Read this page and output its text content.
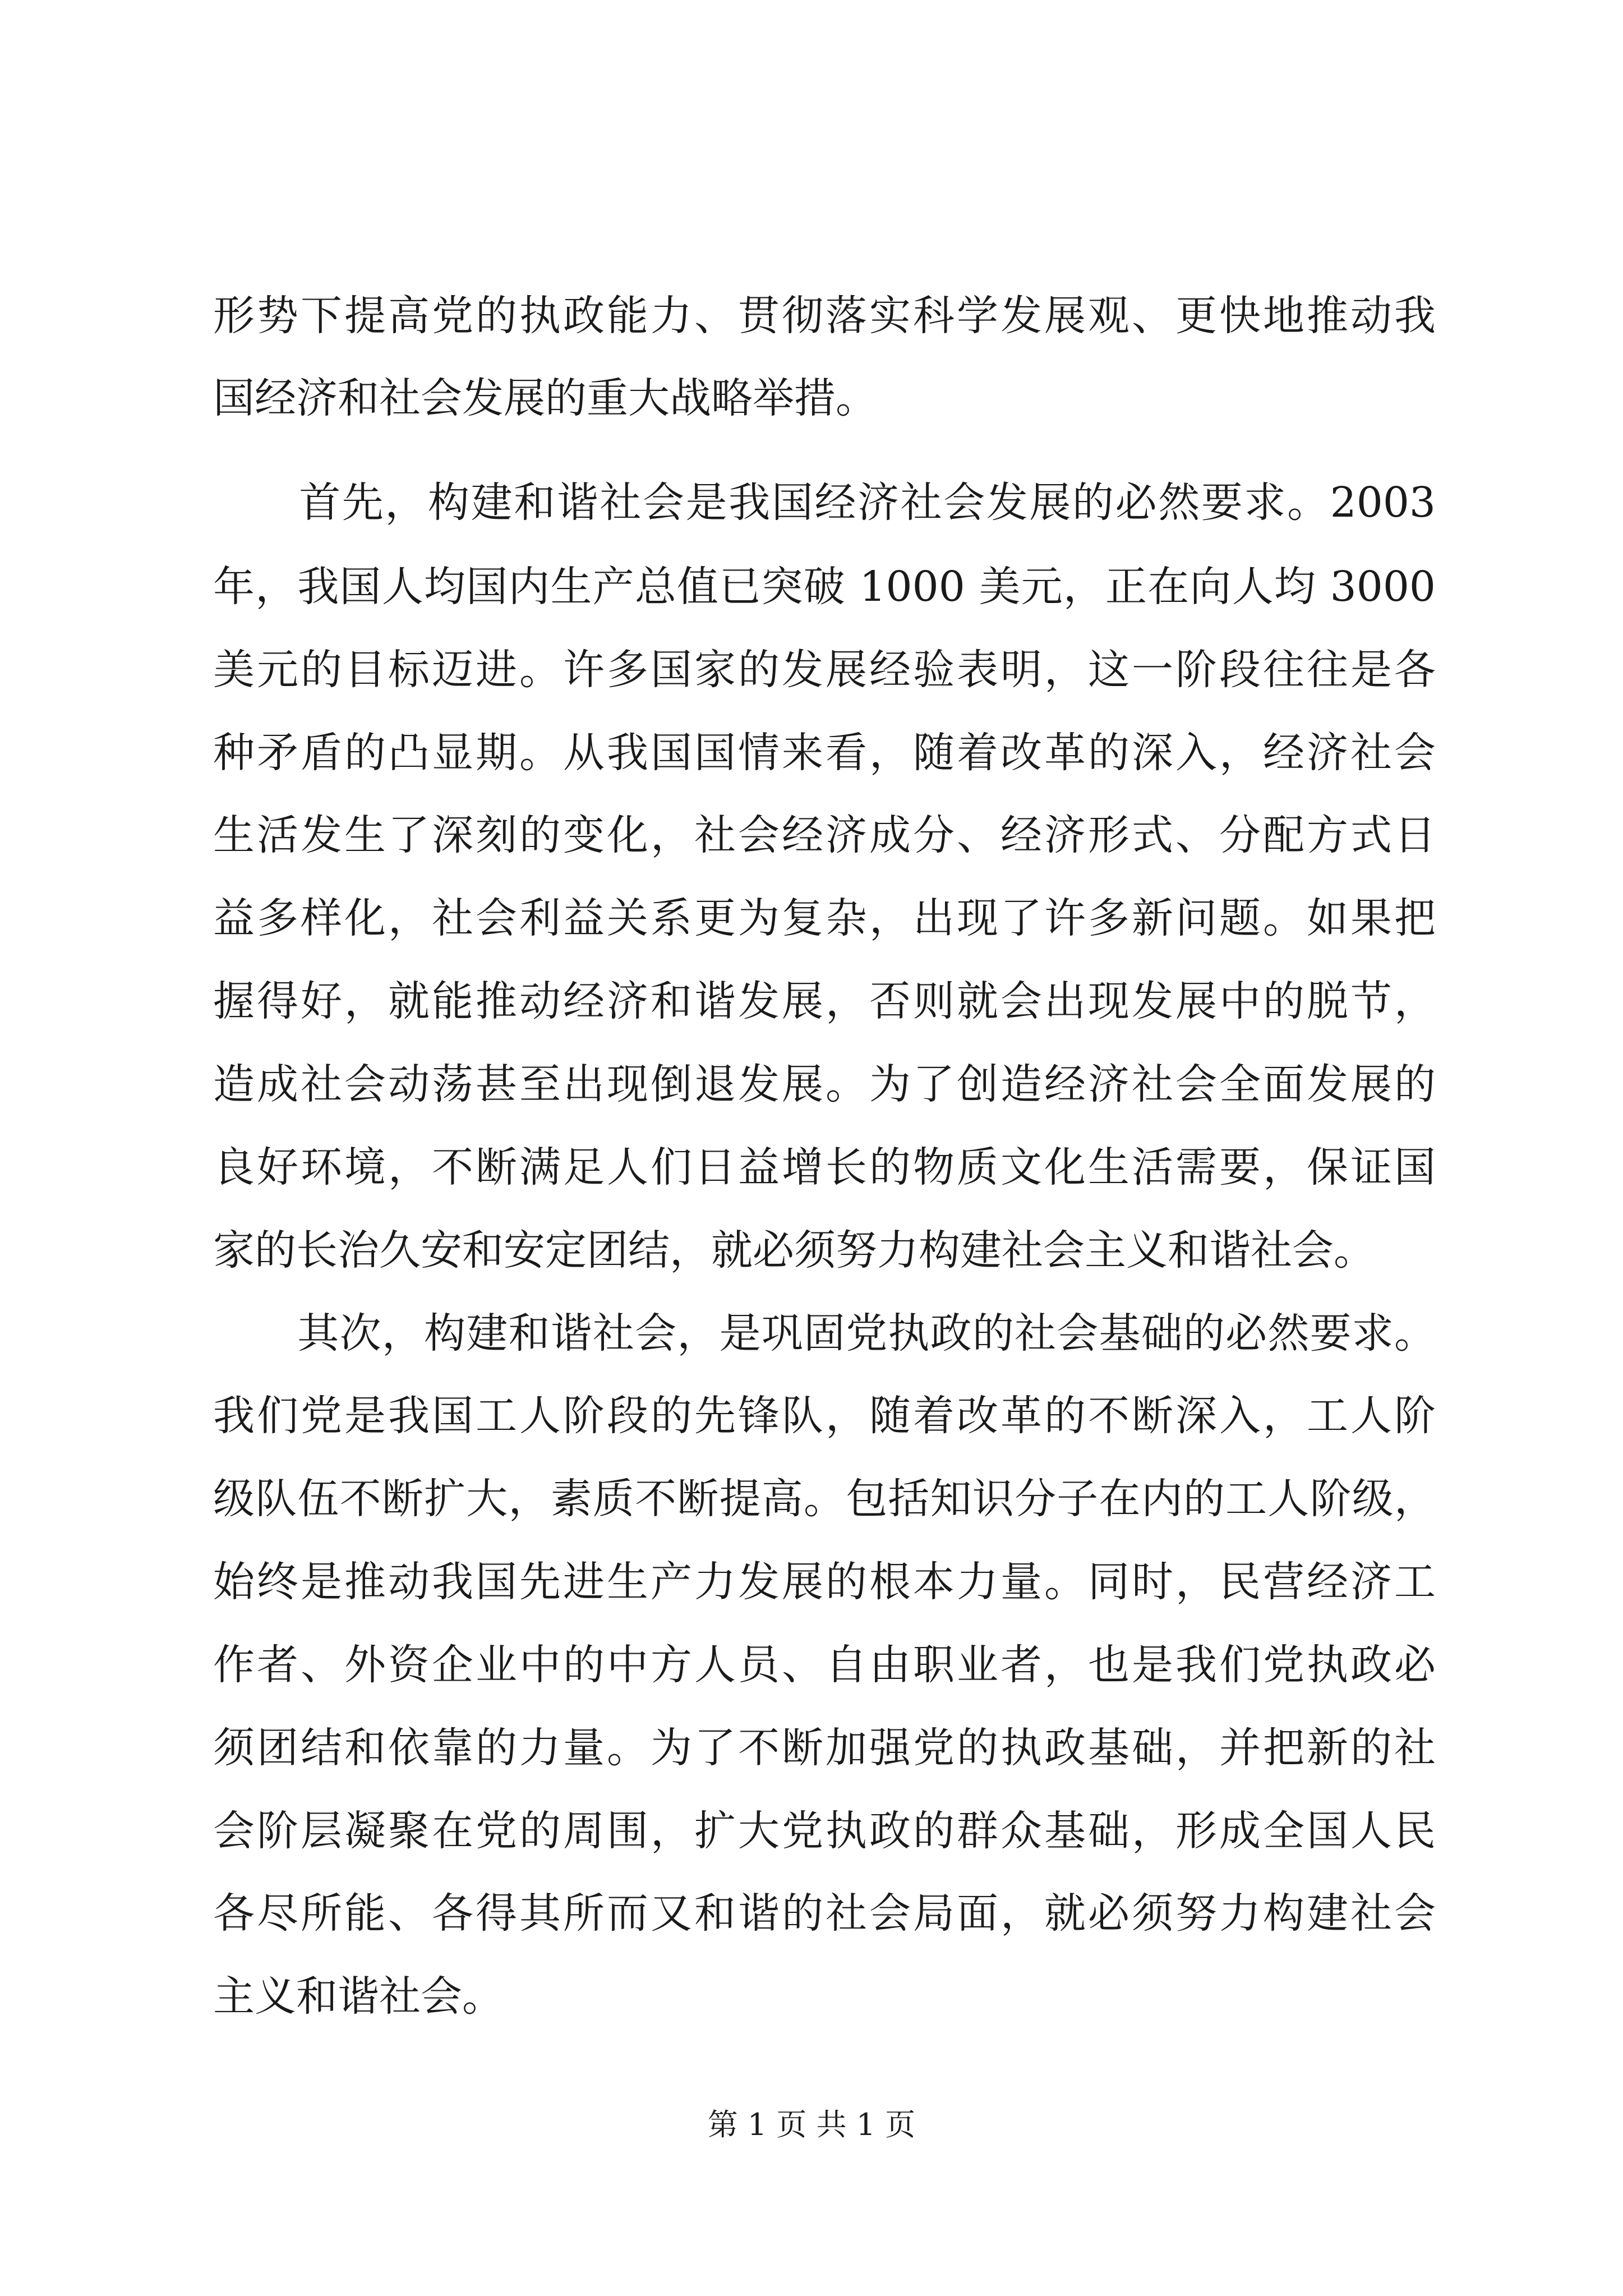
形势下提高党的执政能力、贯彻落实科学发展观、更快地推动我
国经济和社会发展的重大战略举措。
　　首先，构建和谐社会是我国经济社会发展的必然要求。2003
年，我国人均国内生产总值已突破 1000 美元，正在向人均 3000
美元的目标迈进。许多国家的发展经验表明，这一阶段往往是各
种矛盾的凸显期。从我国国情来看，随着改革的深入，经济社会
生活发生了深刻的变化，社会经济成分、经济形式、分配方式日
益多样化，社会利益关系更为复杂，出现了许多新问题。如果把
握得好，就能推动经济和谐发展，否则就会出现发展中的脱节，
造成社会动荡甚至出现倒退发展。为了创造经济社会全面发展的
良好环境，不断满足人们日益增长的物质文化生活需要，保证国
家的长治久安和安定团结，就必须努力构建社会主义和谐社会。
　　其次，构建和谐社会，是巩固党执政的社会基础的必然要求。
我们党是我国工人阶段的先锋队，随着改革的不断深入，工人阶
级队伍不断扩大，素质不断提高。包括知识分子在内的工人阶级，
始终是推动我国先进生产力发展的根本力量。同时，民营经济工
作者、外资企业中的中方人员、自由职业者，也是我们党执政必
须团结和依靠的力量。为了不断加强党的执政基础，并把新的社
会阶层凝聚在党的周围，扩大党执政的群众基础，形成全国人民
各尽所能、各得其所而又和谐的社会局面，就必须努力构建社会
主义和谐社会。
第 1 页 共 1 页
